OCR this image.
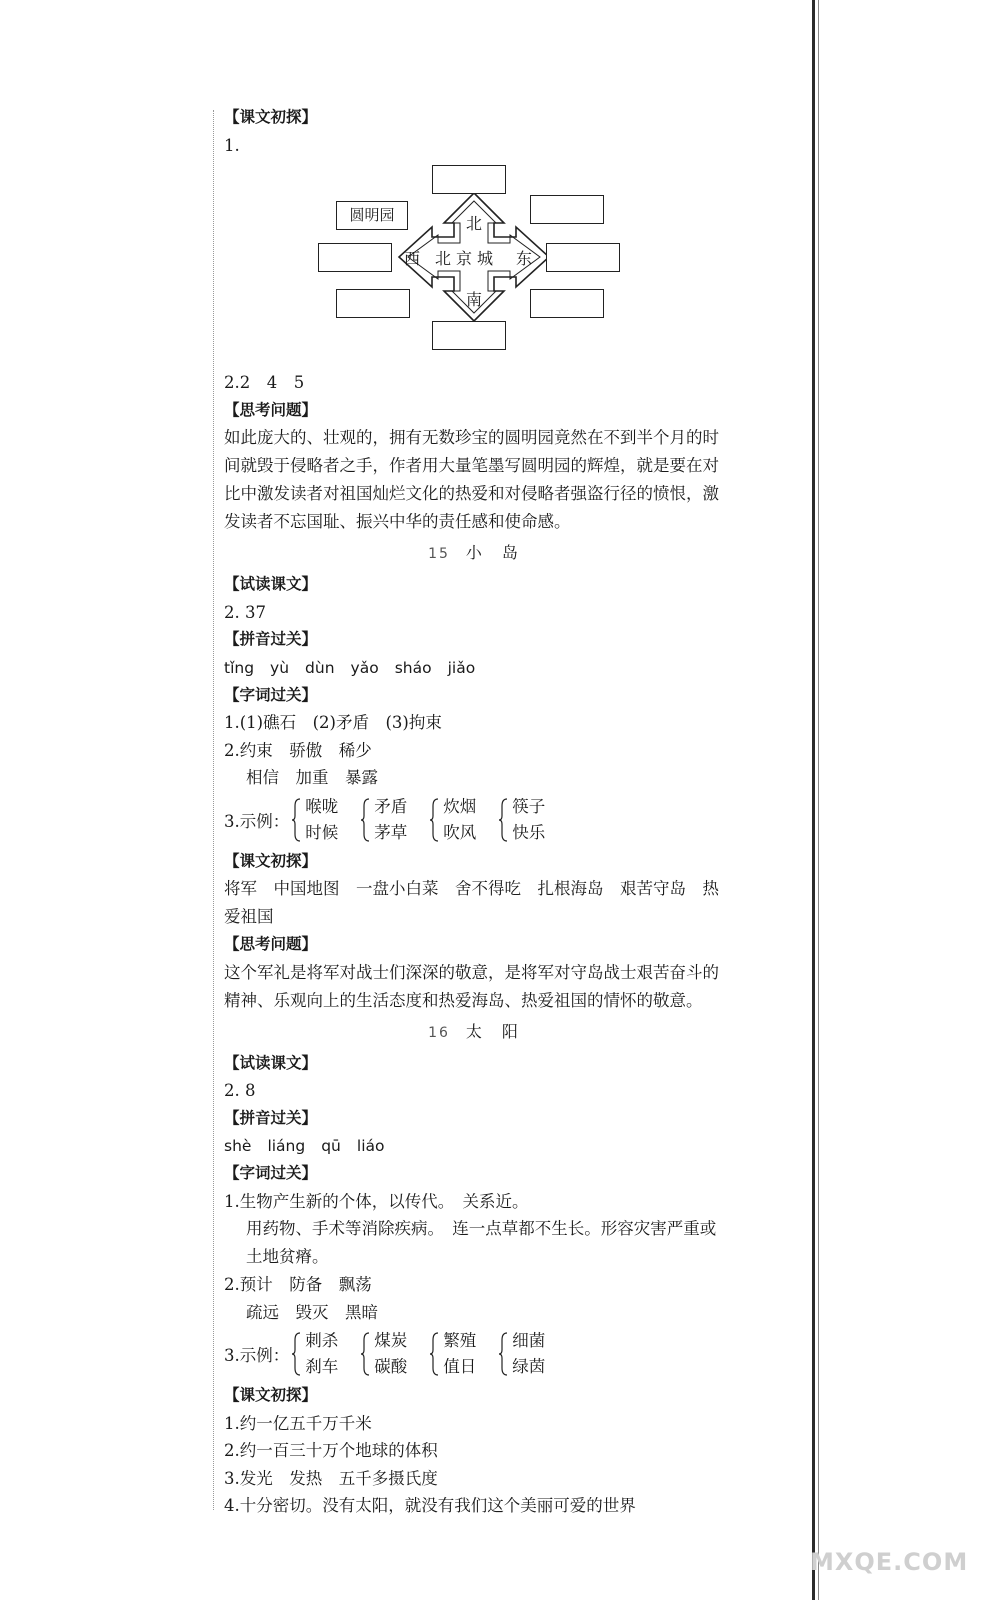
【课文初探】
1.
圆明园	北
南
西	东
北京城
2.2　4　5
【思考问题】
如此庞大的、壮观的，拥有无数珍宝的圆明园竟然在不到半个月的时间就毁于侵略者之手，作者用大量笔墨写圆明园的辉煌，就是要在对比中激发读者对祖国灿烂文化的热爱和对侵略者强盗行径的愤恨，激发读者不忘国耻、振兴中华的责任感和使命感。
15 小　岛
【试读课文】
2. 37
【拼音过关】
tǐng yù dùn yǎo sháo jiǎo
【字词过关】
1.(1)礁石　(2)矛盾　(3)拘束
2.约束　骄傲　稀少
相信　加重　暴露
3.示例：
喉咙
时候
矛盾
茅草
炊烟
吹风
筷子
快乐
【课文初探】
将军　中国地图　一盘小白菜　舍不得吃　扎根海岛　艰苦守岛　热爱祖国
【思考问题】
这个军礼是将军对战士们深深的敬意，是将军对守岛战士艰苦奋斗的精神、乐观向上的生活态度和热爱海岛、热爱祖国的情怀的敬意。
16 太　阳
【试读课文】
2. 8
【拼音过关】
shè liáng qū liáo
【字词过关】
1.生物产生新的个体，以传代。　关系近。
用药物、手术等消除疾病。　连一点草都不生长。形容灾害严重或土地贫瘠。
2.预计　防备　飘荡
疏远　毁灭　黑暗
3.示例：
刺杀
刹车
煤炭
碳酸
繁殖
值日
细菌
绿茵
【课文初探】
1.约一亿五千万千米
2.约一百三十万个地球的体积
3.发光　发热　五千多摄氏度
4.十分密切。没有太阳，就没有我们这个美丽可爱的世界
MXQE.COM
